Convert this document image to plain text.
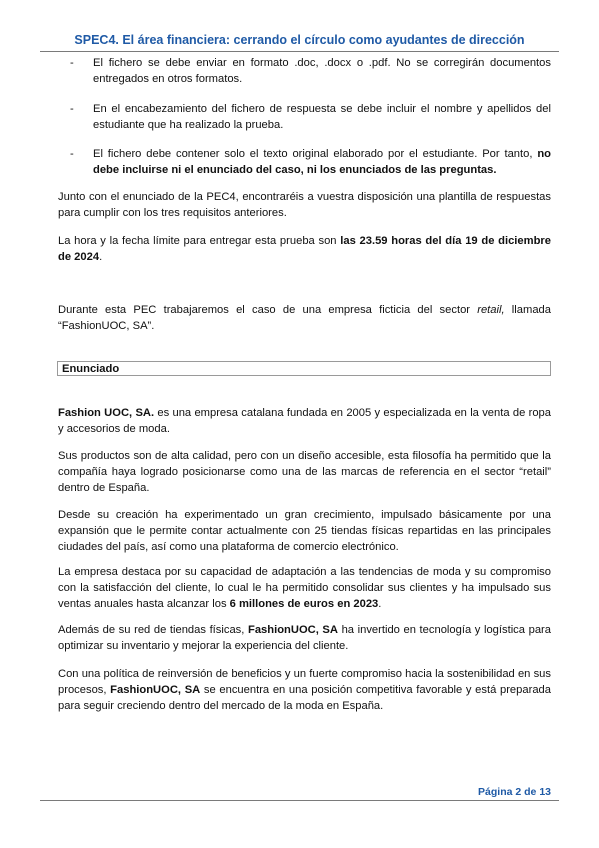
SPEC4. El área financiera: cerrando el círculo como ayudantes de dirección

-	El fichero se debe enviar en formato .doc, .docx o .pdf. No se corregirán documentos entregados en otros formatos.

-	En el encabezamiento del fichero de respuesta se debe incluir el nombre y apellidos del estudiante que ha realizado la prueba.

-	El fichero debe contener solo el texto original elaborado por el estudiante. Por tanto, no debe incluirse ni el enunciado del caso, ni los enunciados de las preguntas.

Junto con el enunciado de la PEC4, encontraréis a vuestra disposición una plantilla de respuestas para cumplir con los tres requisitos anteriores.

La hora y la fecha límite para entregar esta prueba son las 23.59 horas del día 19 de diciembre de 2024.

Durante esta PEC trabajaremos el caso de una empresa ficticia del sector retail, llamada “FashionUOC, SA”.

Enunciado

Fashion UOC, SA. es una empresa catalana fundada en 2005 y especializada en la venta de ropa y accesorios de moda.

Sus productos son de alta calidad, pero con un diseño accesible, esta filosofía ha permitido que la compañía haya logrado posicionarse como una de las marcas de referencia en el sector “retail” dentro de España.

Desde su creación ha experimentado un gran crecimiento, impulsado básicamente por una expansión que le permite contar actualmente con 25 tiendas físicas repartidas en las principales ciudades del país, así como una plataforma de comercio electrónico.

La empresa destaca por su capacidad de adaptación a las tendencias de moda y su compromiso con la satisfacción del cliente, lo cual le ha permitido consolidar sus clientes y ha impulsado sus ventas anuales hasta alcanzar los 6 millones de euros en 2023.

Además de su red de tiendas físicas, FashionUOC, SA ha invertido en tecnología y logística para optimizar su inventario y mejorar la experiencia del cliente.

Con una política de reinversión de beneficios y un fuerte compromiso hacia la sostenibilidad en sus procesos, FashionUOC, SA se encuentra en una posición competitiva favorable y está preparada para seguir creciendo dentro del mercado de la moda en España.

Página 2 de 13
